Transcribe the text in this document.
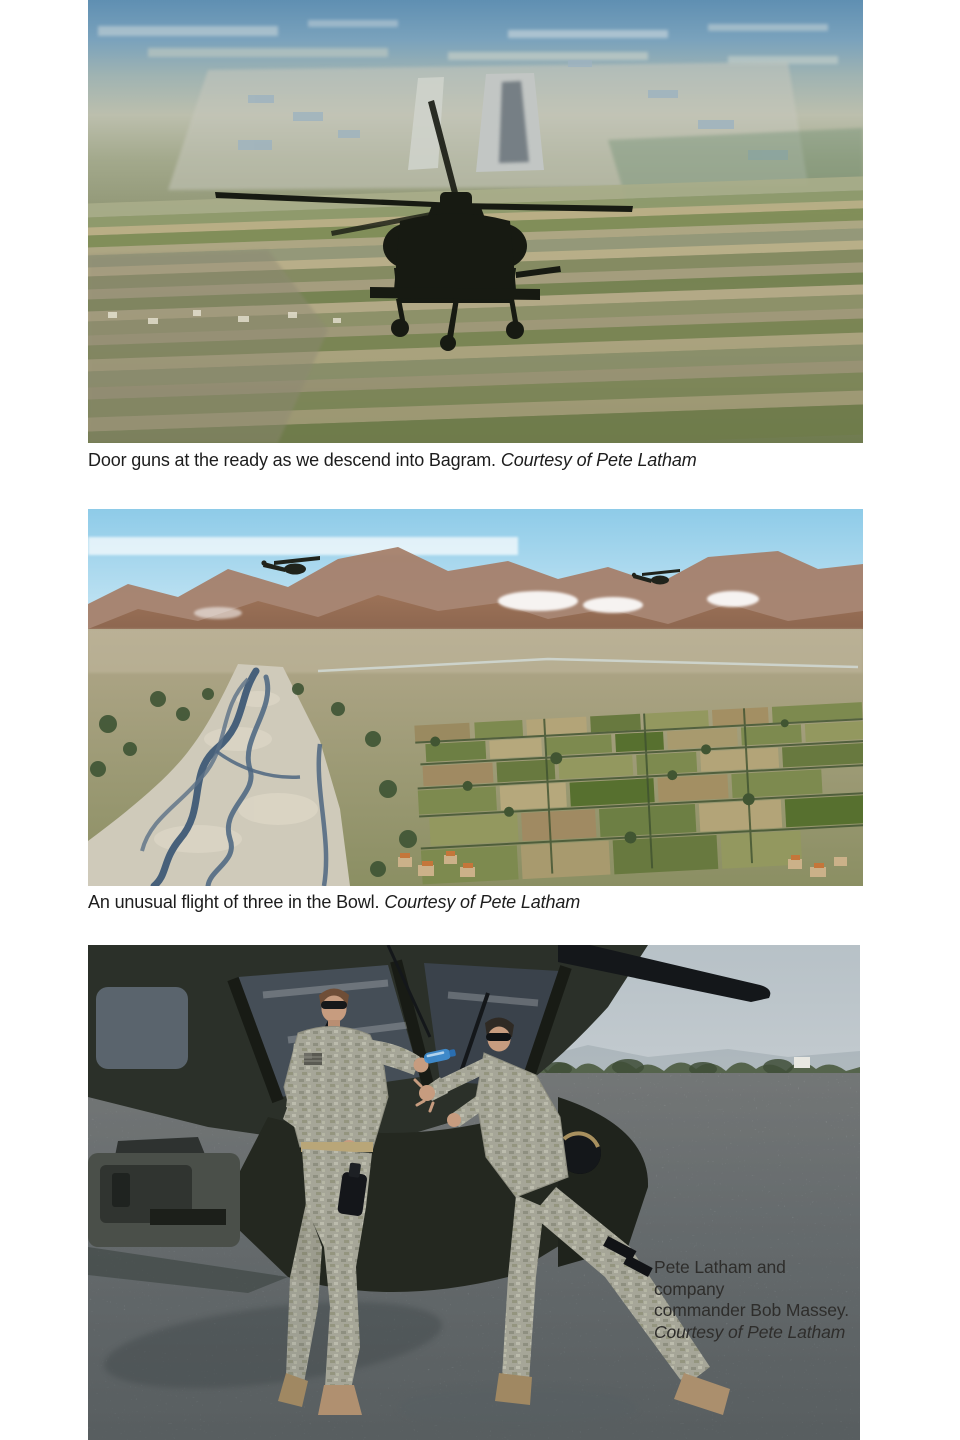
Door guns at the ready as we descend into Bagram. Courtesy of Pete Latham
An unusual flight of three in the Bowl. Courtesy of Pete Latham
Pete Latham and company
commander Bob Massey.
Courtesy of Pete Latham
